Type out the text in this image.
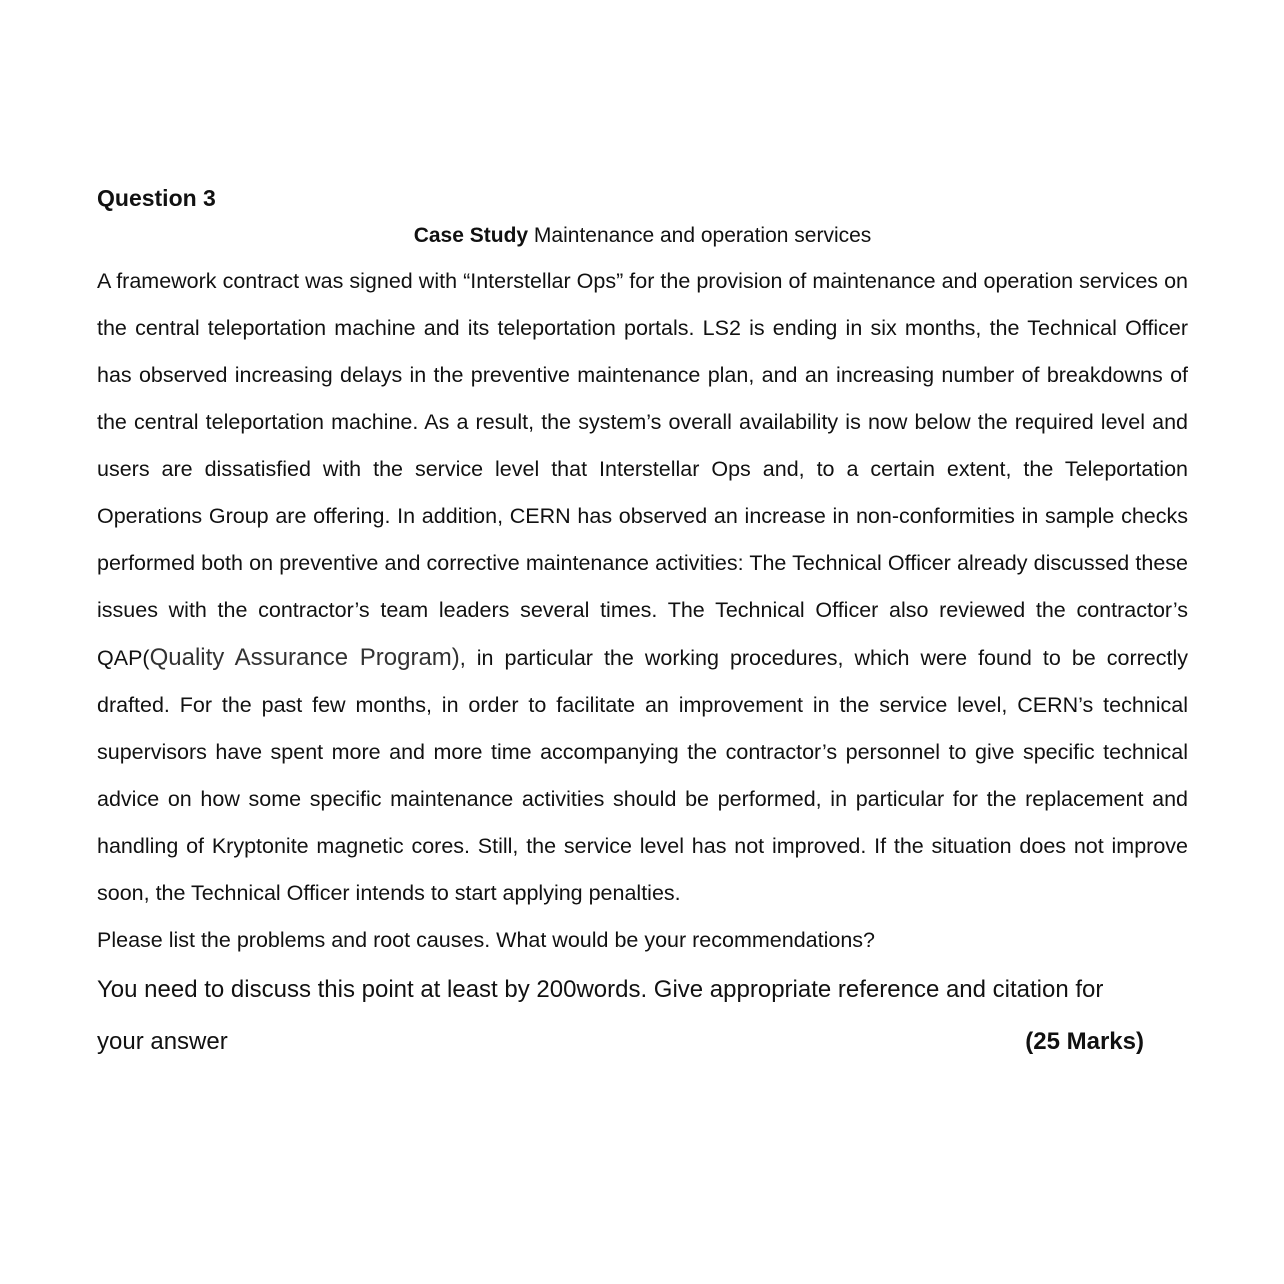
Question 3

Case Study Maintenance and operation services

A framework contract was signed with “Interstellar Ops” for the provision of maintenance and operation services on the central teleportation machine and its teleportation portals. LS2 is ending in six months, the Technical Officer has observed increasing delays in the preventive maintenance plan, and an increasing number of breakdowns of the central teleportation machine. As a result, the system’s overall availability is now below the required level and users are dissatisfied with the service level that Interstellar Ops and, to a certain extent, the Teleportation Operations Group are offering. In addition, CERN has observed an increase in non-conformities in sample checks performed both on preventive and corrective maintenance activities: The Technical Officer already discussed these issues with the contractor’s team leaders several times. The Technical Officer also reviewed the contractor’s QAP(Quality Assurance Program), in particular the working procedures, which were found to be correctly drafted. For the past few months, in order to facilitate an improvement in the service level, CERN’s technical supervisors have spent more and more time accompanying the contractor’s personnel to give specific technical advice on how some specific maintenance activities should be performed, in particular for the replacement and handling of Kryptonite magnetic cores. Still, the service level has not improved. If the situation does not improve soon, the Technical Officer intends to start applying penalties.

Please list the problems and root causes. What would be your recommendations?

You need to discuss this point at least by 200words. Give appropriate reference and citation for

your answer	(25 Marks)
